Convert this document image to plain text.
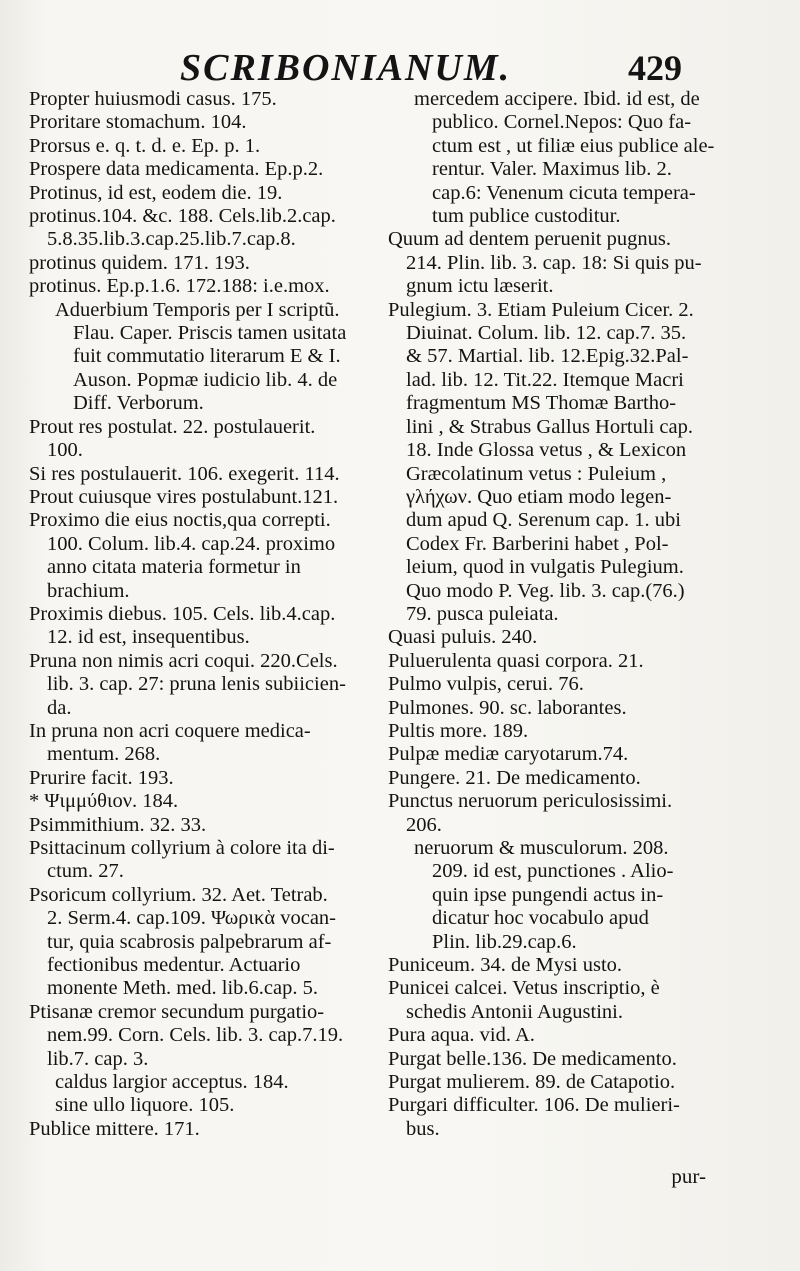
SCRIBONIANUM.	429

Propter huiusmodi casus. 175.

Proritare stomachum. 104.

Prorsus e. q. t. d. e. Ep. p. 1.

Prospere data medicamenta. Ep.p.2.

Protinus, id est, eodem die. 19.

protinus.104. &c. 188. Cels.lib.2.cap.
5.8.35.lib.3.cap.25.lib.7.cap.8.

protinus quidem. 171. 193.

protinus. Ep.p.1.6. 172.188: i.e.mox.

Aduerbium Temporis per I scriptũ.
Flau. Caper. Priscis tamen usitata
fuit commutatio literarum E & I.
Auson. Popmæ iudicio lib. 4. de
Diff. Verborum.

Prout res postulat. 22. postulauerit.
100.

Si res postulauerit. 106. exegerit. 114.

Prout cuiusque vires postulabunt.121.

Proximo die eius noctis,qua correpti.
100. Colum. lib.4. cap.24. proximo
anno citata materia formetur in
brachium.

Proximis diebus. 105. Cels. lib.4.cap.
12. id est, insequentibus.

Pruna non nimis acri coqui. 220.Cels.
lib. 3. cap. 27: pruna lenis subiicien-
da.

In pruna non acri coquere medica-
mentum. 268.

Prurire facit. 193.

* Ψιμμύθιον. 184.

Psimmithium. 32. 33.

Psittacinum collyrium à colore ita di-
ctum. 27.

Psoricum collyrium. 32. Aet. Tetrab.
2. Serm.4. cap.109. Ψωρικὰ vocan-
tur, quia scabrosis palpebrarum af-
fectionibus medentur. Actuario
monente Meth. med. lib.6.cap. 5.

Ptisanæ cremor secundum purgatio-
nem.99. Corn. Cels. lib. 3. cap.7.19.
lib.7. cap. 3.

caldus largior acceptus. 184.

sine ullo liquore. 105.

Publice mittere. 171.

mercedem accipere. Ibid. id est, de
publico. Cornel.Nepos: Quo fa-
ctum est , ut filiæ eius publice ale-
rentur. Valer. Maximus lib. 2.
cap.6: Venenum cicuta tempera-
tum publice custoditur.

Quum ad dentem peruenit pugnus.
214. Plin. lib. 3. cap. 18: Si quis pu-
gnum ictu læserit.

Pulegium. 3. Etiam Puleium Cicer. 2.
Diuinat. Colum. lib. 12. cap.7. 35.
& 57. Martial. lib. 12.Epig.32.Pal-
lad. lib. 12. Tit.22. Itemque Macri
fragmentum MS Thomæ Bartho-
lini , & Strabus Gallus Hortuli cap.
18. Inde Glossa vetus , & Lexicon
Græcolatinum vetus : Puleium ,
γλήχων. Quo etiam modo legen-
dum apud Q. Serenum cap. 1. ubi
Codex Fr. Barberini habet , Pol-
leium, quod in vulgatis Pulegium.
Quo modo P. Veg. lib. 3. cap.(76.)
79. pusca puleiata.

Quasi puluis. 240.

Puluerulenta quasi corpora. 21.

Pulmo vulpis, cerui. 76.

Pulmones. 90. sc. laborantes.

Pultis more. 189.

Pulpæ mediæ caryotarum.74.

Pungere. 21. De medicamento.

Punctus neruorum periculosissimi.
206.

neruorum & musculorum. 208.
209. id est, punctiones . Alio-
quin ipse pungendi actus in-
dicatur hoc vocabulo apud
Plin. lib.29.cap.6.

Puniceum. 34. de Mysi usto.

Punicei calcei. Vetus inscriptio, è
schedis Antonii Augustini.

Pura aqua. vid. A.

Purgat belle.136. De medicamento.

Purgat mulierem. 89. de Catapotio.

Purgari difficulter. 106. De mulieri-
bus.

pur-
